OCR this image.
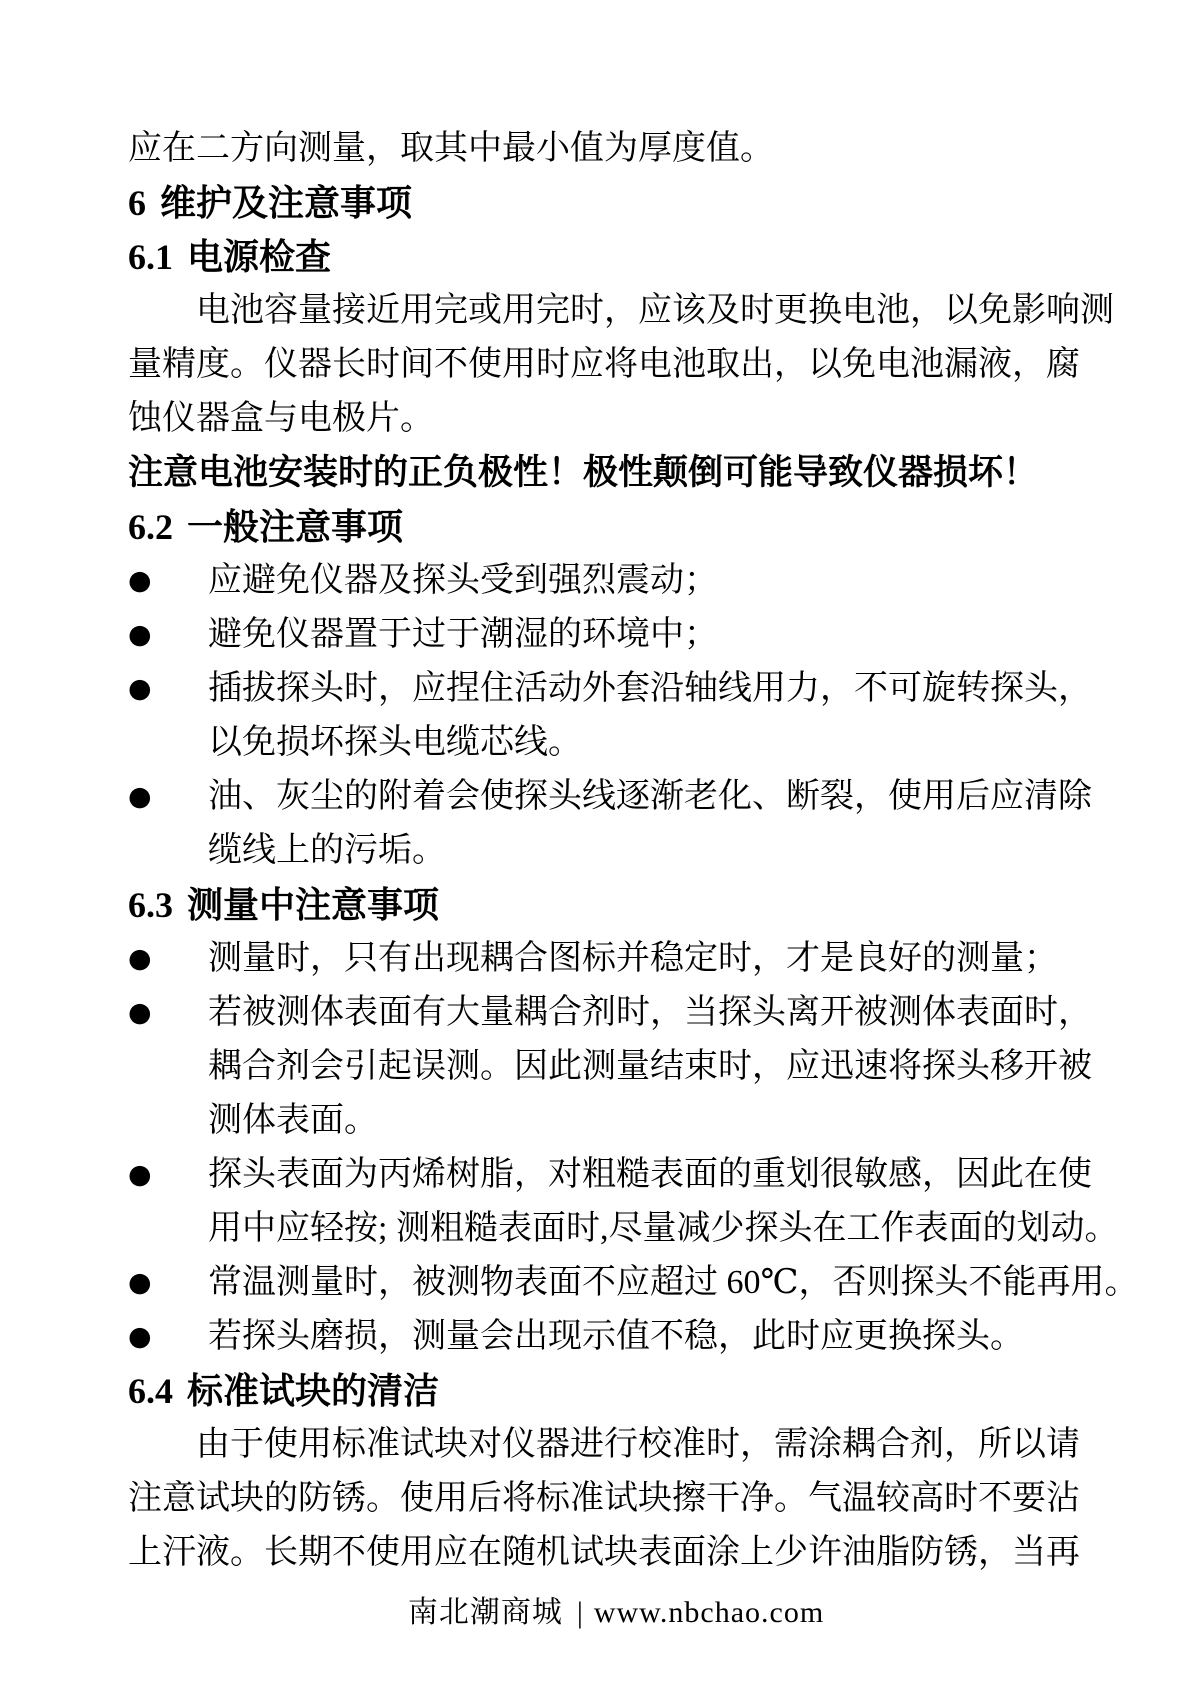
应在二方向测量，取其中最小值为厚度值。
6 维护及注意事项
6.1 电源检查
电池容量接近用完或用完时，应该及时更换电池，以免影响测
量精度。仪器长时间不使用时应将电池取出，以免电池漏液，腐
蚀仪器盒与电极片。
注意电池安装时的正负极性！极性颠倒可能导致仪器损坏！
6.2 一般注意事项
●	应避免仪器及探头受到强烈震动；
●	避免仪器置于过于潮湿的环境中；
●	插拔探头时，应捏住活动外套沿轴线用力，不可旋转探头，
以免损坏探头电缆芯线。
●	油、灰尘的附着会使探头线逐渐老化、断裂，使用后应清除
缆线上的污垢。
6.3 测量中注意事项
●	测量时，只有出现耦合图标并稳定时，才是良好的测量；
●	若被测体表面有大量耦合剂时，当探头离开被测体表面时，
耦合剂会引起误测。因此测量结束时，应迅速将探头移开被
测体表面。
●	探头表面为丙烯树脂，对粗糙表面的重划很敏感，因此在使
用中应轻按; 测粗糙表面时,尽量减少探头在工作表面的划动。
●	常温测量时，被测物表面不应超过 60℃，否则探头不能再用。
●	若探头磨损，测量会出现示值不稳，此时应更换探头。
6.4 标准试块的清洁
由于使用标准试块对仪器进行校准时，需涂耦合剂，所以请
注意试块的防锈。使用后将标准试块擦干净。气温较高时不要沾
上汗液。长期不使用应在随机试块表面涂上少许油脂防锈，当再
南北潮商城 | www.nbchao.com
